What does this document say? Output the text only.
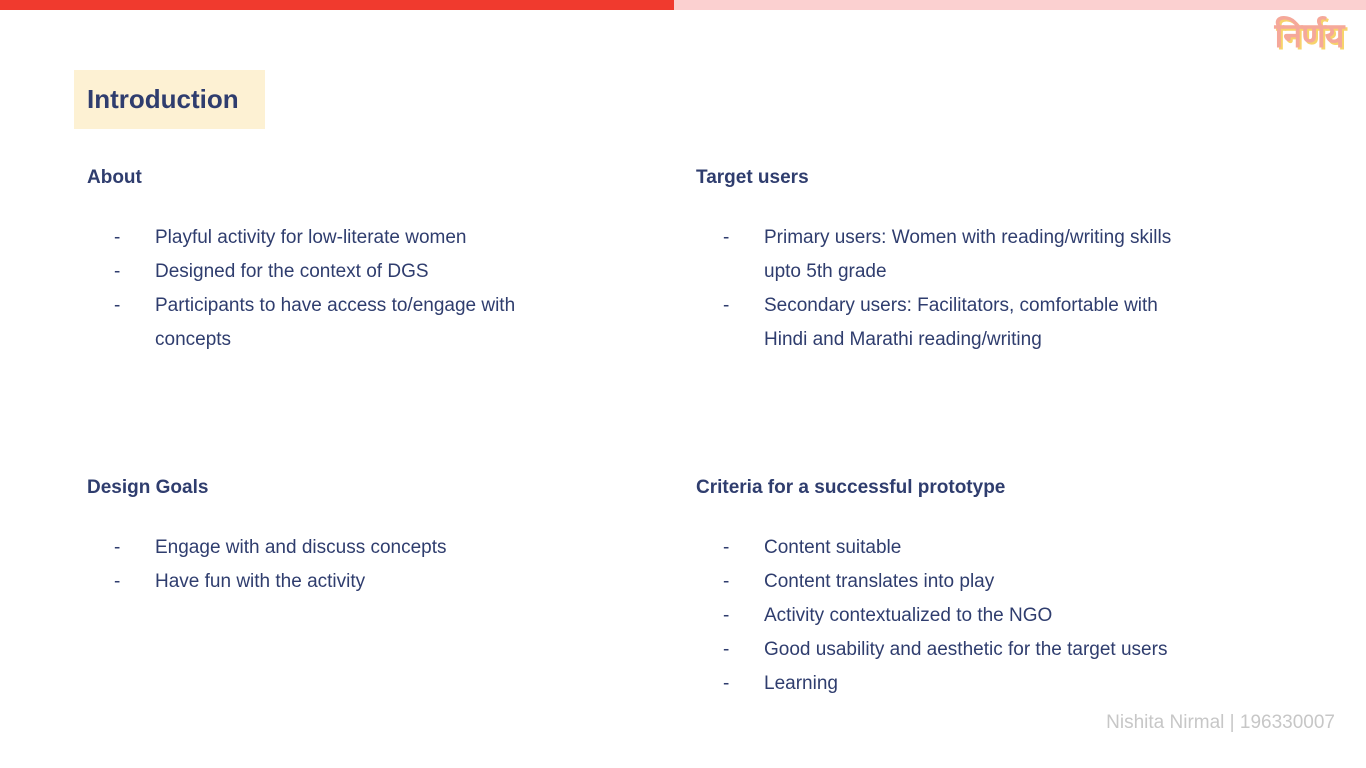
निर्णय
Introduction
About
- Playful activity for low-literate women
- Designed for the context of DGS
- Participants to have access to/engage with concepts
Target users
- Primary users: Women with reading/writing skills upto 5th grade
- Secondary users: Facilitators, comfortable with Hindi and Marathi reading/writing
Design Goals
- Engage with and discuss concepts
- Have fun with the activity
Criteria for a successful prototype
- Content suitable
- Content translates into play
- Activity contextualized to the NGO
- Good usability and aesthetic for the target users
- Learning
Nishita Nirmal | 196330007
